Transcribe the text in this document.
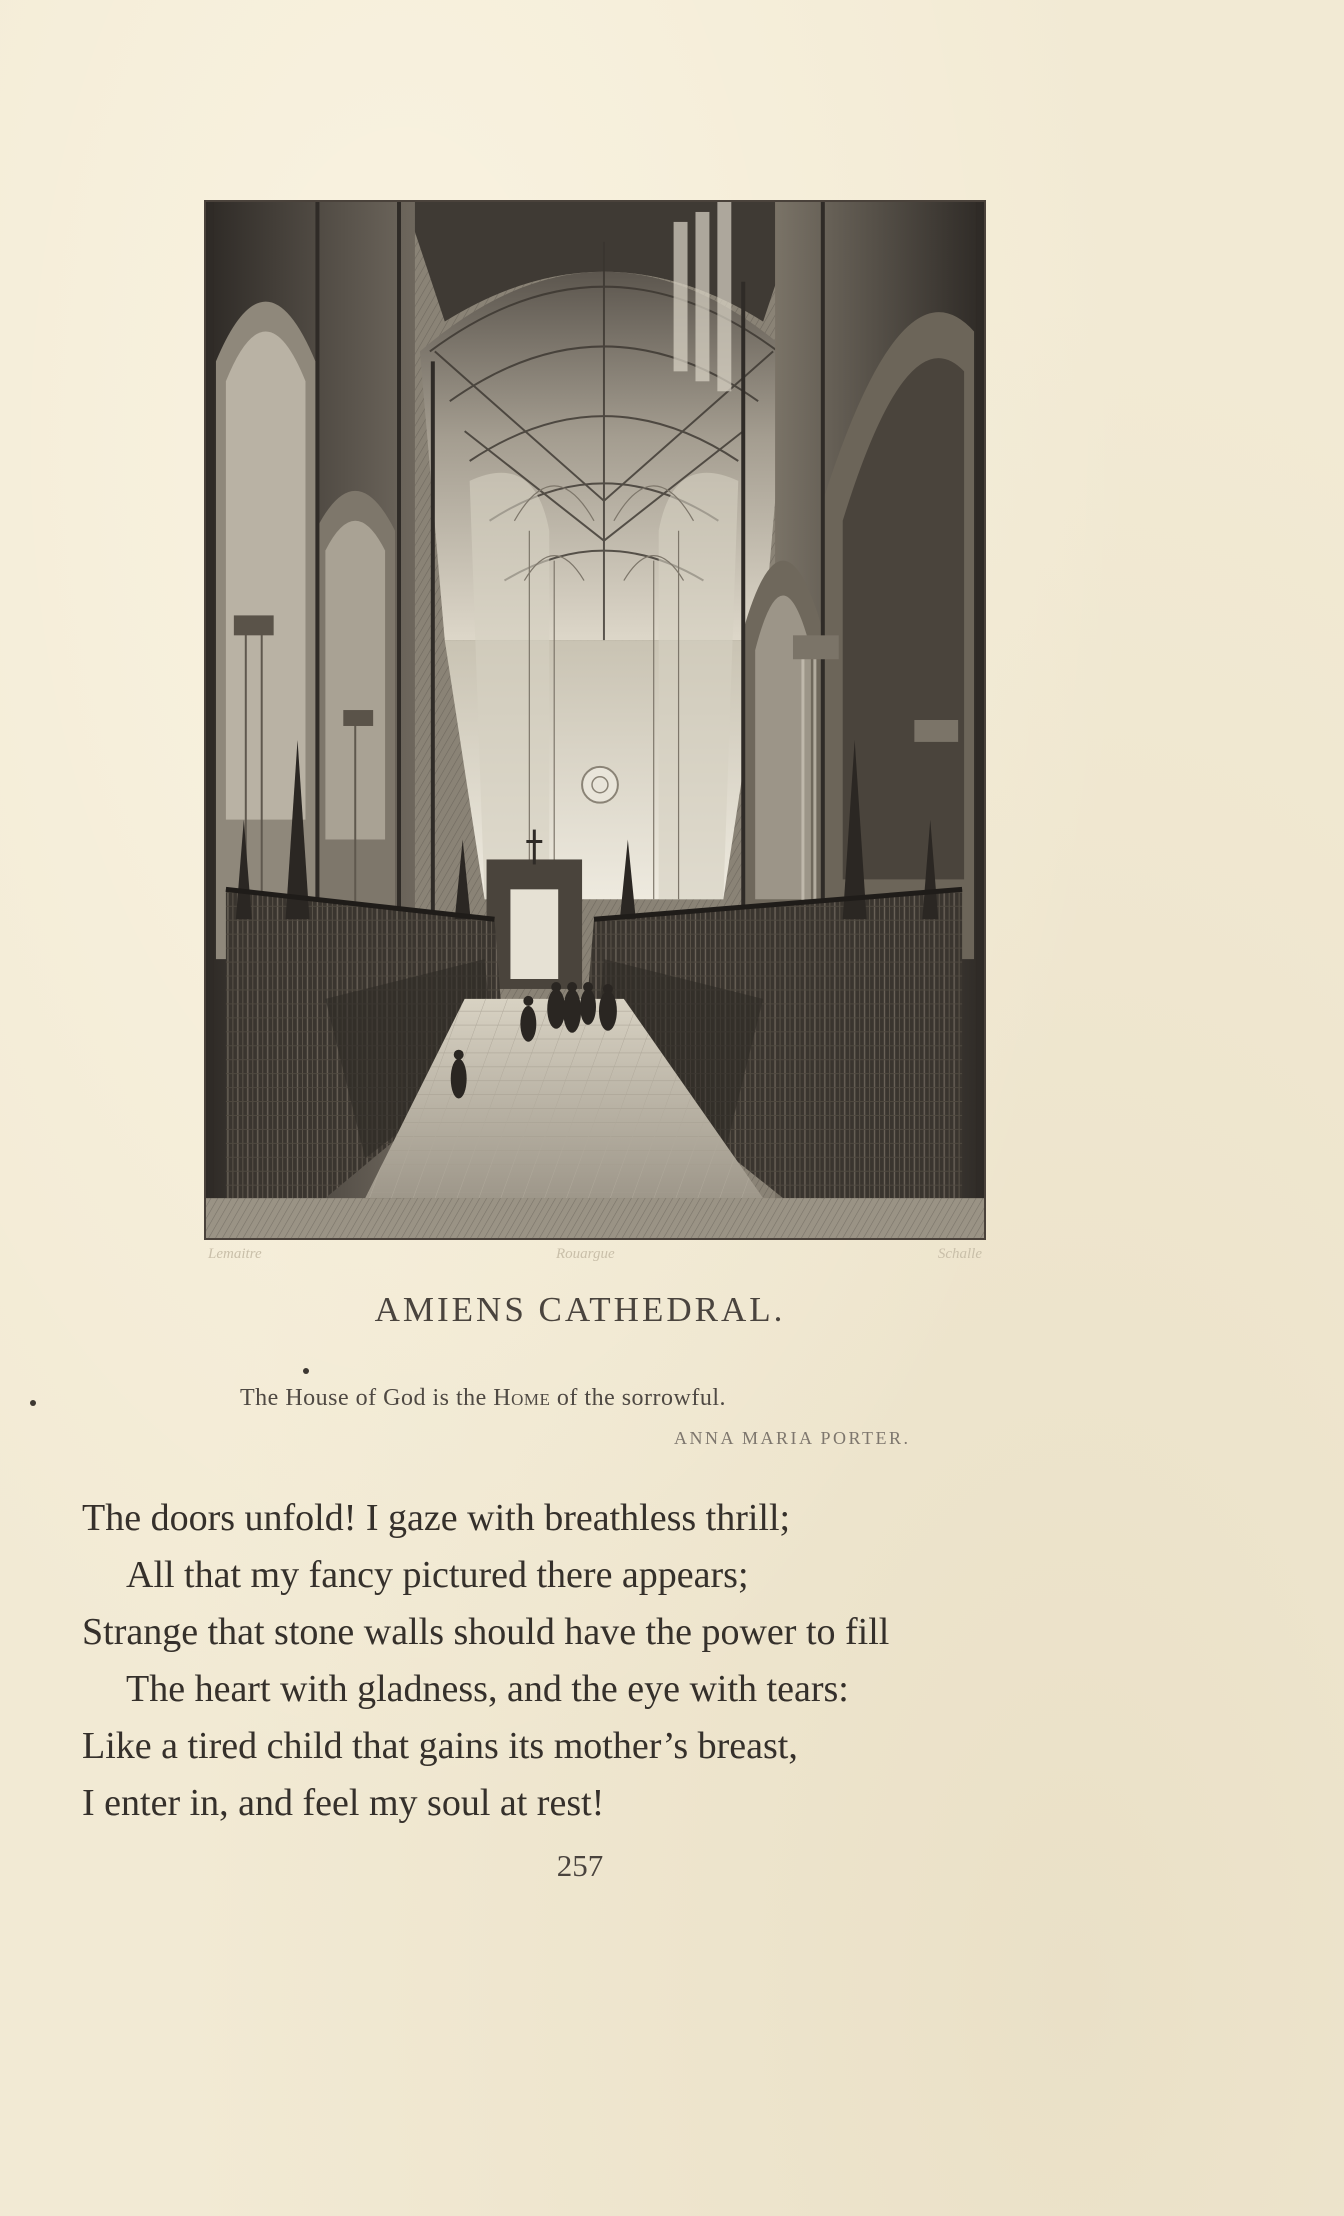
Lemaitre	Rouargue	Schalle
AMIENS CATHEDRAL.
The House of God is the Home of the sorrowful.
ANNA MARIA PORTER.
The doors unfold! I gaze with breathless thrill;
All that my fancy pictured there appears;
Strange that stone walls should have the power to fill
The heart with gladness, and the eye with tears:
Like a tired child that gains its mother’s breast,
I enter in, and feel my soul at rest!
257
